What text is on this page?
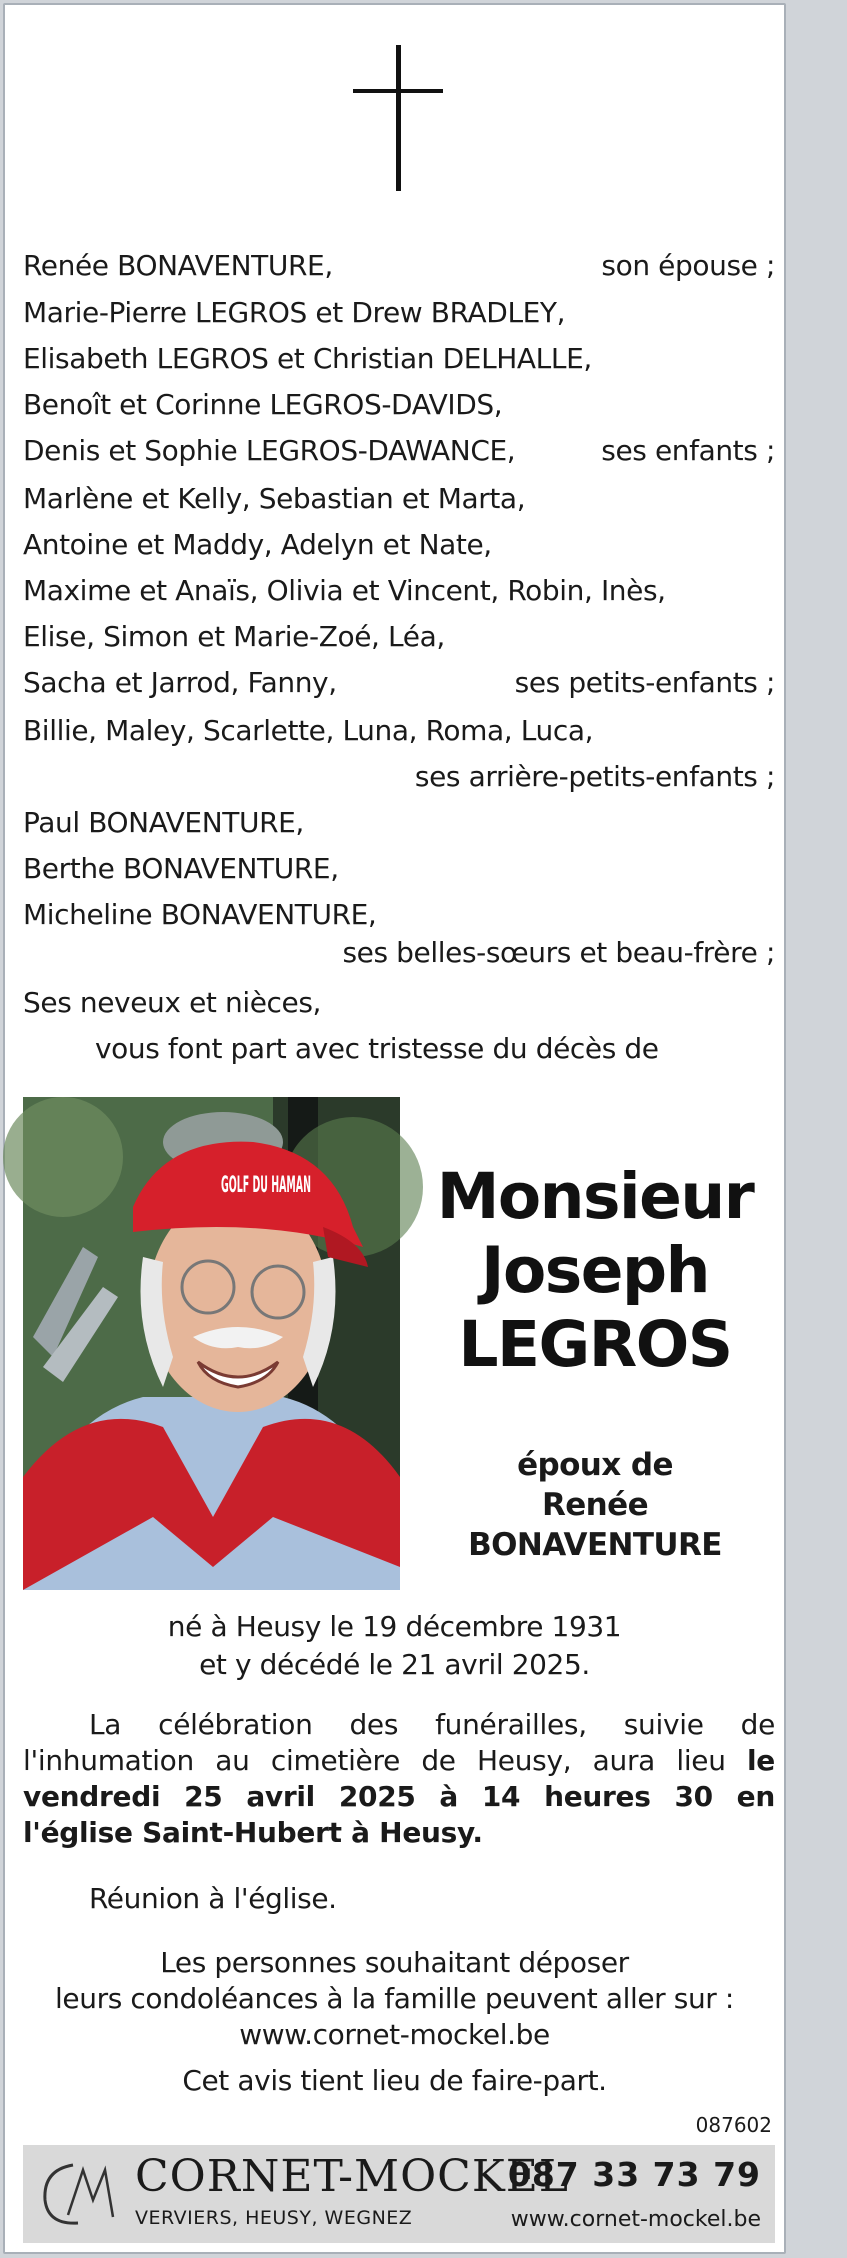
Renée BONAVENTURE,	son épouse ;
Marie-Pierre LEGROS et Drew BRADLEY,
Elisabeth LEGROS et Christian DELHALLE,
Benoît et Corinne LEGROS-DAVIDS,
Denis et Sophie LEGROS-DAWANCE,	ses enfants ;
Marlène et Kelly, Sebastian et Marta,
Antoine et Maddy, Adelyn et Nate,
Maxime et Anaïs, Olivia et Vincent, Robin, Inès,
Elise, Simon et Marie-Zoé, Léa,
Sacha et Jarrod, Fanny,	ses petits-enfants ;
Billie, Maley, Scarlette, Luna, Roma, Luca,
ses arrière-petits-enfants ;
Paul BONAVENTURE,
Berthe BONAVENTURE,
Micheline BONAVENTURE,
ses belles-sœurs et beau-frère ;
Ses neveux et nièces,
vous font part avec tristesse du décès de
GOLF DU HAMAN	Monsieur
Joseph
LEGROS
époux de
Renée BONAVENTURE
né à Heusy le 19 décembre 1931
et y décédé le 21 avril 2025.
La célébration des funérailles, suivie de l'inhumation au cimetière de Heusy, aura lieu le vendredi 25 avril 2025 à 14 heures 30 en l'église Saint-Hubert à Heusy.
Réunion à l'église.
Les personnes souhaitant déposer
leurs condoléances à la famille peuvent aller sur :
www.cornet-mockel.be
Cet avis tient lieu de faire-part.
087602
CORNET-MOCKEL
VERVIERS, HEUSY, WEGNEZ
087 33 73 79
www.cornet-mockel.be
